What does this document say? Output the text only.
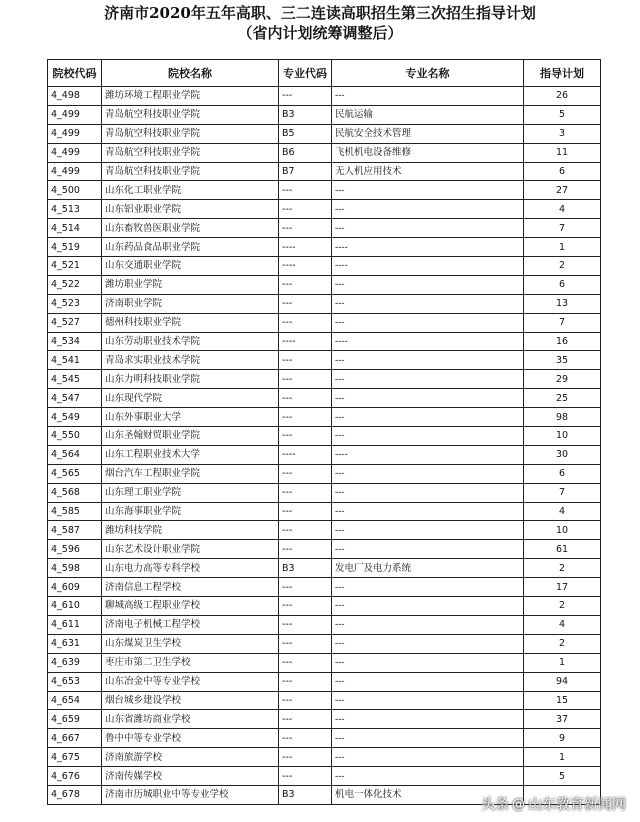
济南市2020年五年高职、三二连读高职招生第三次招生指导计划
（省内计划统筹调整后）
院校代码	院校名称	专业代码	专业名称	指导计划
4_498	潍坊环境工程职业学院	---	---	26
4_499	青岛航空科技职业学院	B3	民航运输	5
4_499	青岛航空科技职业学院	B5	民航安全技术管理	3
4_499	青岛航空科技职业学院	B6	飞机机电设备维修	11
4_499	青岛航空科技职业学院	B7	无人机应用技术	6
4_500	山东化工职业学院	---	---	27
4_513	山东铝业职业学院	---	---	4
4_514	山东畜牧兽医职业学院	---	---	7
4_519	山东药品食品职业学院	----	----	1
4_521	山东交通职业学院	----	----	2
4_522	潍坊职业学院	---	---	6
4_523	济南职业学院	---	---	13
4_527	德州科技职业学院	---	---	7
4_534	山东劳动职业技术学院	----	----	16
4_541	青岛求实职业技术学院	---	---	35
4_545	山东力明科技职业学院	---	---	29
4_547	山东现代学院	---	---	25
4_549	山东外事职业大学	---	---	98
4_550	山东圣翰财贸职业学院	---	---	10
4_564	山东工程职业技术大学	----	----	30
4_565	烟台汽车工程职业学院	---	---	6
4_568	山东理工职业学院	---	---	7
4_585	山东海事职业学院	---	---	4
4_587	潍坊科技学院	---	---	10
4_596	山东艺术设计职业学院	---	---	61
4_598	山东电力高等专科学校	B3	发电厂及电力系统	2
4_609	济南信息工程学校	---	---	17
4_610	聊城高级工程职业学校	---	---	2
4_611	济南电子机械工程学校	---	---	4
4_631	山东煤炭卫生学校	---	---	2
4_639	枣庄市第二卫生学校	---	---	1
4_653	山东冶金中等专业学校	---	---	94
4_654	烟台城乡建设学校	---	---	15
4_659	山东省潍坊商业学校	---	---	37
4_667	鲁中中等专业学校	---	---	9
4_675	济南旅游学校	---	---	1
4_676	济南传媒学校	---	---	5
4_678	济南市历城职业中等专业学校	B3	机电一体化技术	
头条 @ 山东教育新闻网
